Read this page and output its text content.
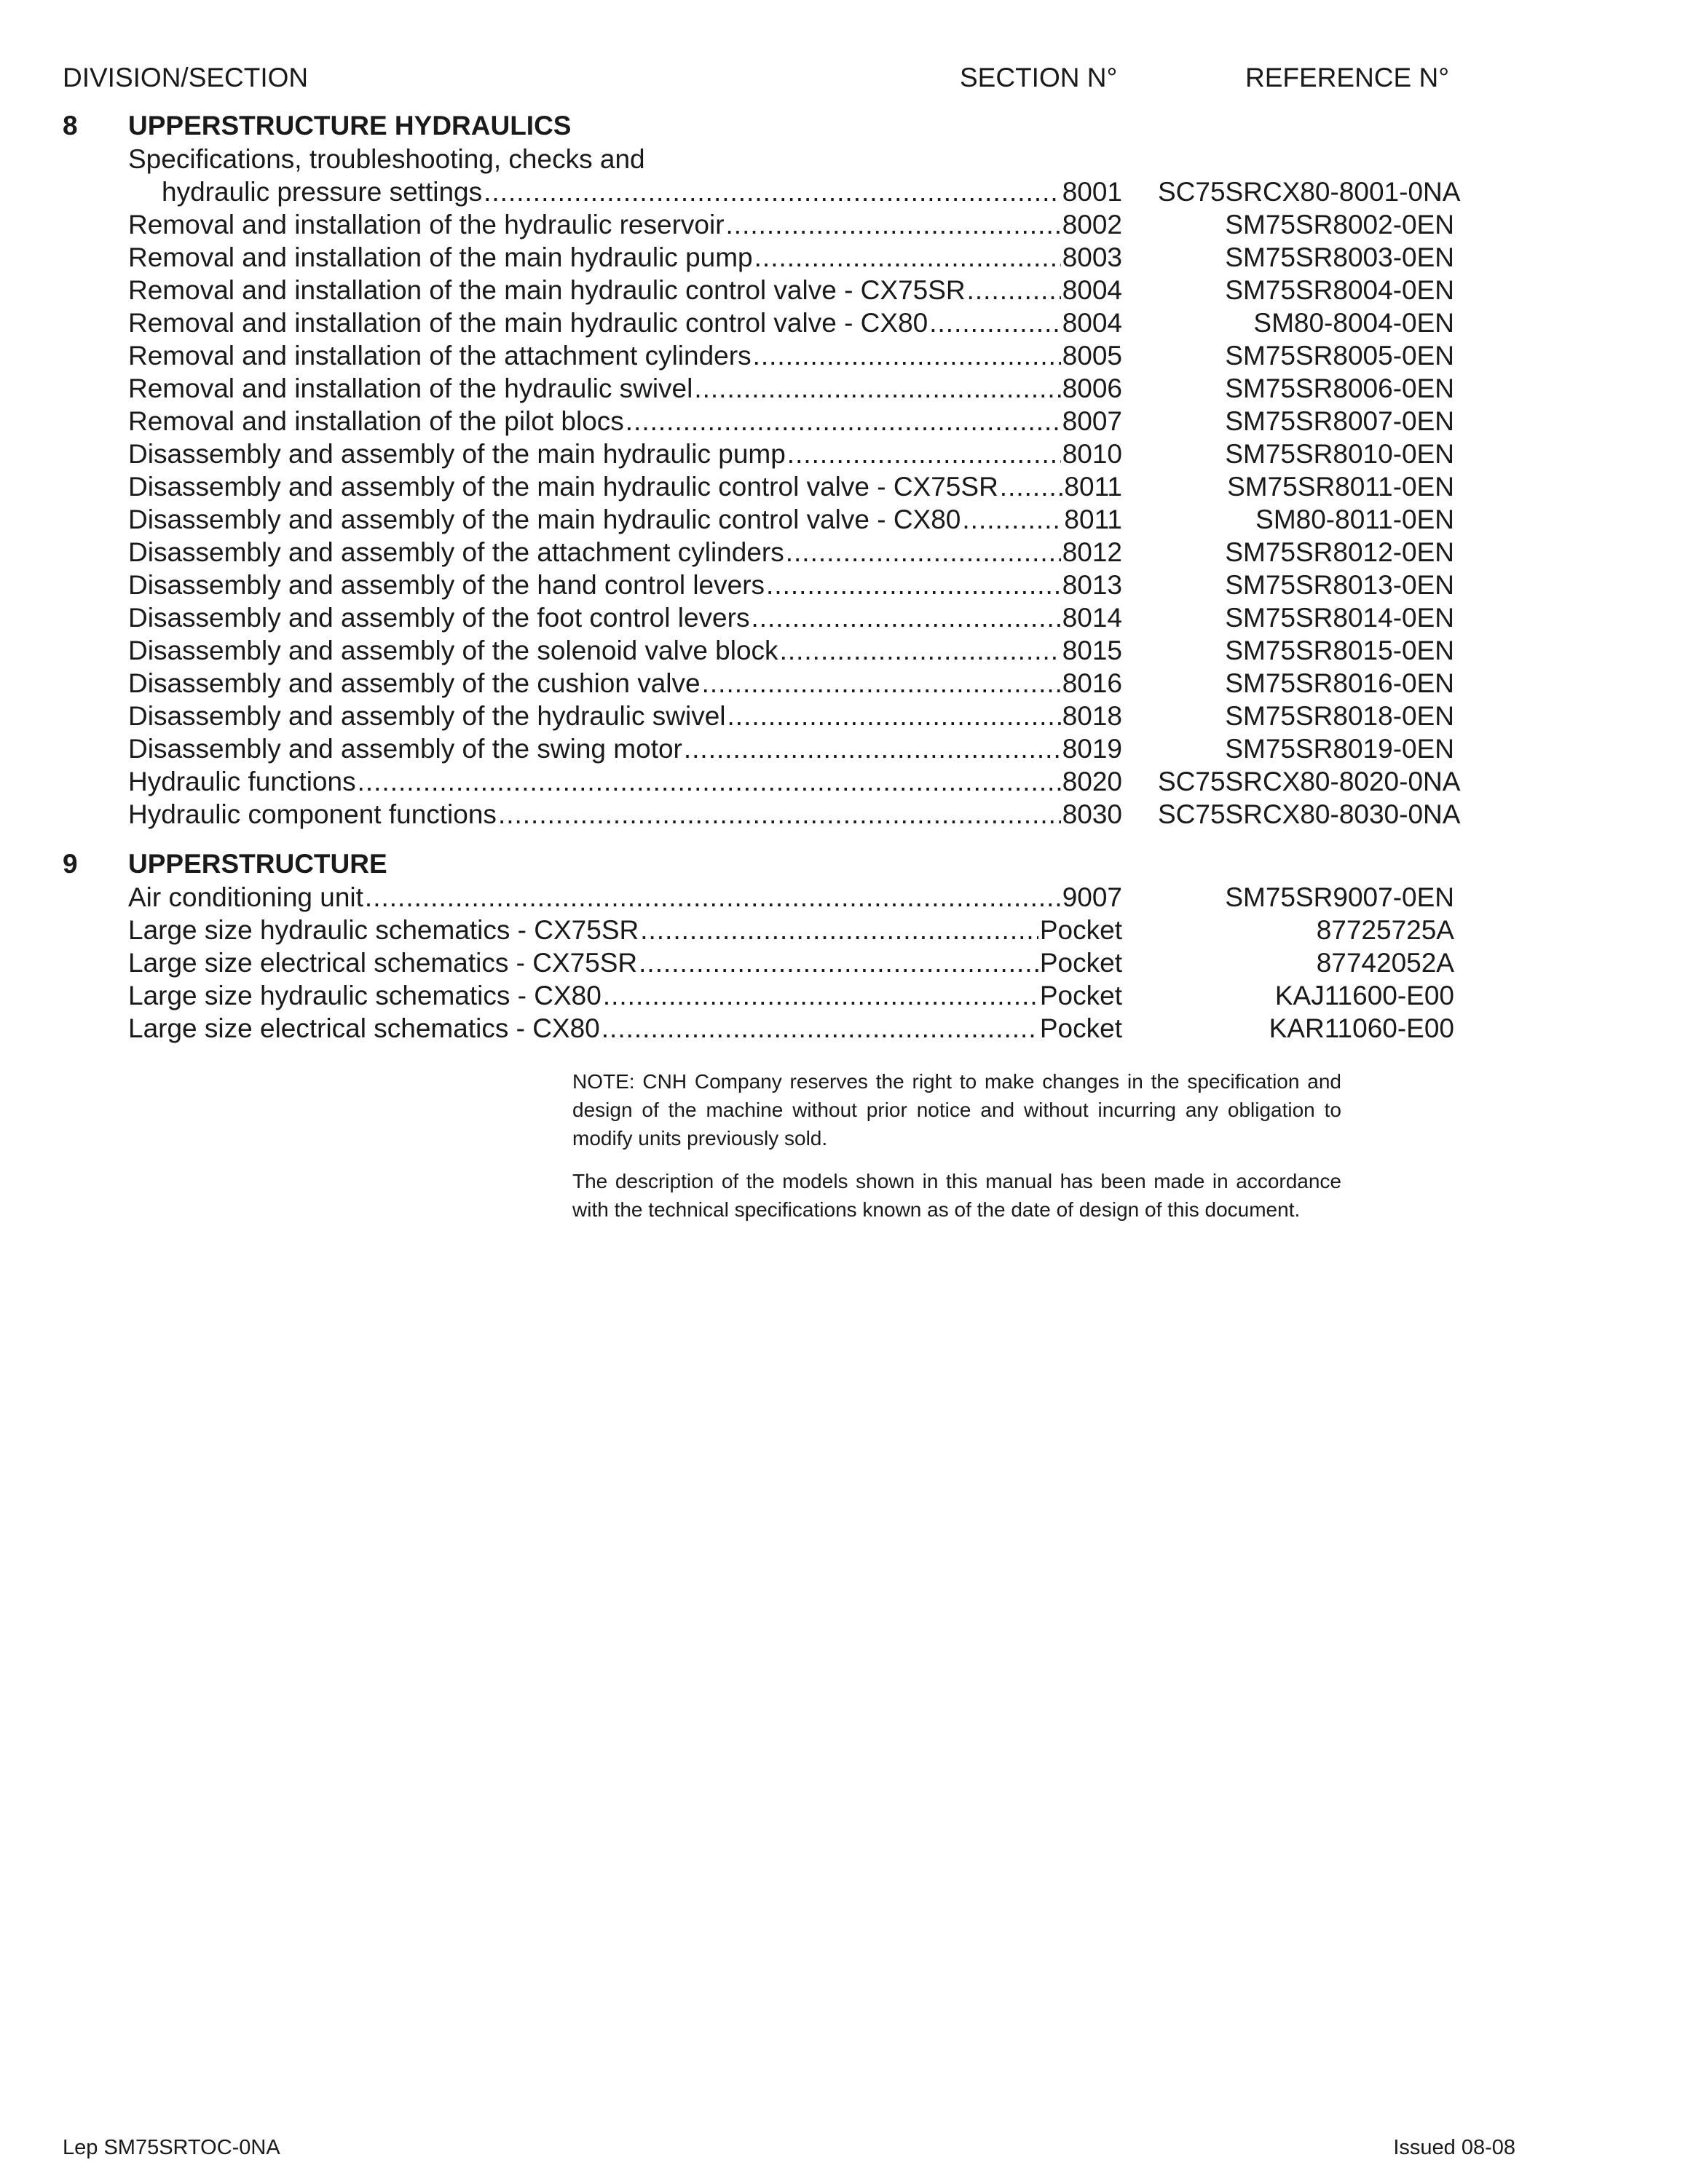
DIVISION/SECTION	SECTION N°	REFERENCE N°
8 UPPERSTRUCTURE HYDRAULICS
Specifications, troubleshooting, checks and
hydraulic pressure settings .....	8001 SC75SRCX80-8001-0NA
Removal and installation of the hydraulic reservoir .....	8002	SM75SR8002-0EN
Removal and installation of the main hydraulic pump .....	8003	SM75SR8003-0EN
Removal and installation of the main hydraulic control valve - CX75SR .....	8004	SM75SR8004-0EN
Removal and installation of the main hydraulic control valve - CX80 .....	8004	SM80-8004-0EN
Removal and installation of the attachment cylinders .....	8005	SM75SR8005-0EN
Removal and installation of the hydraulic swivel .....	8006	SM75SR8006-0EN
Removal and installation of the pilot blocs .....	8007	SM75SR8007-0EN
Disassembly and assembly of the main hydraulic pump .....	8010	SM75SR8010-0EN
Disassembly and assembly of the main hydraulic control valve - CX75SR ..... 8011	SM75SR8011-0EN
Disassembly and assembly of the main hydraulic control valve - CX80 .....	8011	SM80-8011-0EN
Disassembly and assembly of the attachment cylinders .....	8012	SM75SR8012-0EN
Disassembly and assembly of the hand control levers .....	8013	SM75SR8013-0EN
Disassembly and assembly of the foot control levers .....	8014	SM75SR8014-0EN
Disassembly and assembly of the solenoid valve block .....	8015	SM75SR8015-0EN
Disassembly and assembly of the cushion valve .....	8016	SM75SR8016-0EN
Disassembly and assembly of the hydraulic swivel .....	8018	SM75SR8018-0EN
Disassembly and assembly of the swing motor .....	8019	SM75SR8019-0EN
Hydraulic functions .....	8020 SC75SRCX80-8020-0NA
Hydraulic component functions .....	8030 SC75SRCX80-8030-0NA
9 UPPERSTRUCTURE
Air conditioning unit .....	9007	SM75SR9007-0EN
Large size hydraulic schematics - CX75SR .....	Pocket	87725725A
Large size electrical schematics - CX75SR .....	Pocket	87742052A
Large size hydraulic schematics - CX80 .....	Pocket	KAJ11600-E00
Large size electrical schematics - CX80 .....	Pocket	KAR11060-E00

NOTE: CNH Company reserves the right to make changes in the specification and design of the machine without prior notice and without incurring any obligation to modify units previously sold.

The description of the models shown in this manual has been made in accordance with the technical specifications known as of the date of design of this document.

Lep SM75SRTOC-0NA	Issued 08-08
